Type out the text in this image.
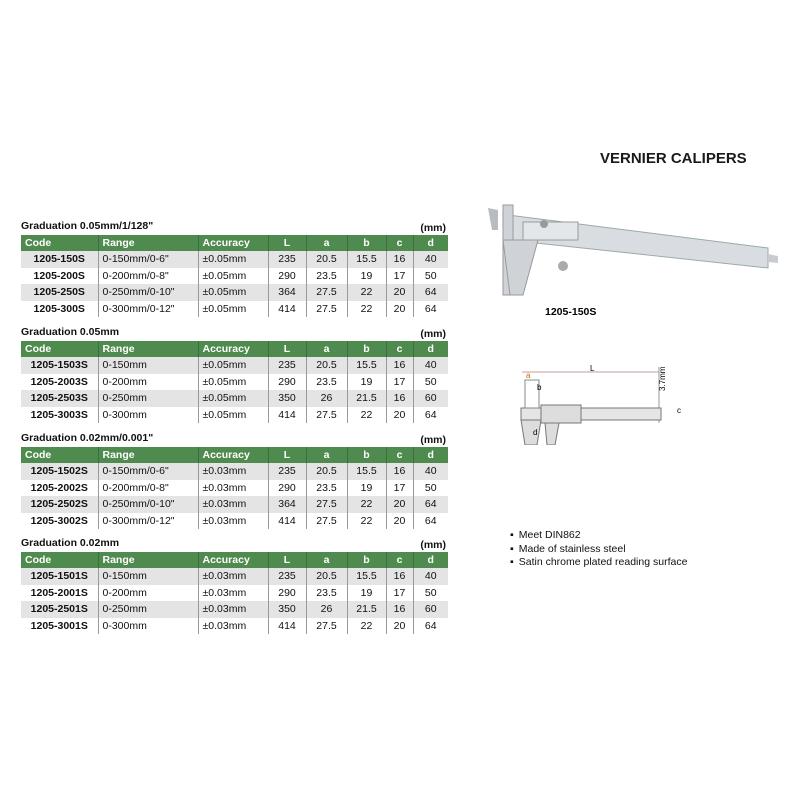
VERNIER CALIPERS
Graduation 0.05mm/1/128"	(mm)
Code	Range	Accuracy	L	a	b	c	d
1205-150S	0-150mm/0-6"	±0.05mm	235	20.5	15.5	16	40
1205-200S	0-200mm/0-8"	±0.05mm	290	23.5	19	17	50
1205-250S	0-250mm/0-10"	±0.05mm	364	27.5	22	20	64
1205-300S	0-300mm/0-12"	±0.05mm	414	27.5	22	20	64
Graduation 0.05mm	(mm)
Code	Range	Accuracy	L	a	b	c	d
1205-1503S	0-150mm	±0.05mm	235	20.5	15.5	16	40
1205-2003S	0-200mm	±0.05mm	290	23.5	19	17	50
1205-2503S	0-250mm	±0.05mm	350	26	21.5	16	60
1205-3003S	0-300mm	±0.05mm	414	27.5	22	20	64
Graduation 0.02mm/0.001"	(mm)
Code	Range	Accuracy	L	a	b	c	d
1205-1502S	0-150mm/0-6"	±0.03mm	235	20.5	15.5	16	40
1205-2002S	0-200mm/0-8"	±0.03mm	290	23.5	19	17	50
1205-2502S	0-250mm/0-10"	±0.03mm	364	27.5	22	20	64
1205-3002S	0-300mm/0-12"	±0.03mm	414	27.5	22	20	64
Graduation 0.02mm	(mm)
Code	Range	Accuracy	L	a	b	c	d
1205-1501S	0-150mm	±0.03mm	235	20.5	15.5	16	40
1205-2001S	0-200mm	±0.03mm	290	23.5	19	17	50
1205-2501S	0-250mm	±0.03mm	350	26	21.5	16	60
1205-3001S	0-300mm	±0.03mm	414	27.5	22	20	64
1205-150S
L	3.7mm
a
b
d
c
▪ Meet DIN862
▪ Made of stainless steel
▪ Satin chrome plated reading surface
